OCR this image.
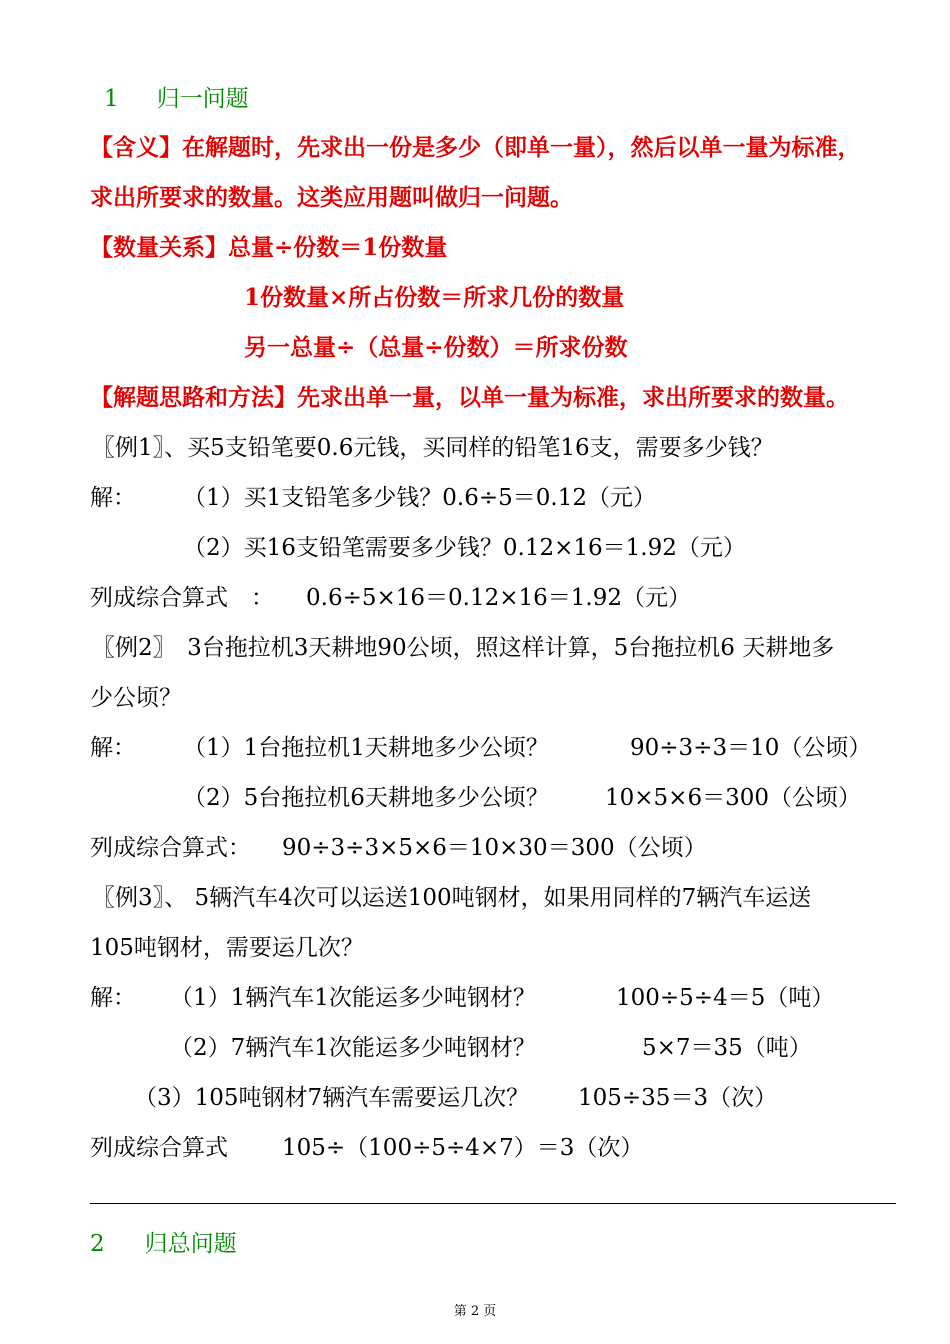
1 归一问题
【含义】在解题时，先求出一份是多少（即单一量），然后以单一量为标准，
求出所要求的数量。这类应用题叫做归一问题。
【数量关系】总量÷份数＝1份数量
1份数量×所占份数＝所求几份的数量
另一总量÷（总量÷份数）＝所求份数
【解题思路和方法】先求出单一量，以单一量为标准，求出所要求的数量。
〖例1〗、买5支铅笔要0.6元钱，买同样的铅笔16支，需要多少钱？
解： （1）买1支铅笔多少钱？0.6÷5＝0.12（元）
（2）买16支铅笔需要多少钱？0.12×16＝1.92（元）
列成综合算式　： 0.6÷5×16＝0.12×16＝1.92（元）
〖例2〗　3台拖拉机3天耕地90公顷，照这样计算，5台拖拉机6 天耕地多
少公顷？
解： （1）1台拖拉机1天耕地多少公顷？	90÷3÷3＝10（公顷）
（2）5台拖拉机6天耕地多少公顷？ 10×5×6＝300（公顷）
列成综合算式： 90÷3÷3×5×6＝10×30＝300（公顷）
〖例3〗、 5辆汽车4次可以运送100吨钢材，如果用同样的7辆汽车运送
105吨钢材，需要运几次？
解： （1）1辆汽车1次能运多少吨钢材？	100÷5÷4＝5（吨）
（2）7辆汽车1次能运多少吨钢材？	5×7＝35（吨）
（3）105吨钢材7辆汽车需要运几次？ 105÷35＝3（次）
列成综合算式 105÷（100÷5÷4×7）＝3（次）
2 归总问题
第 2 页
